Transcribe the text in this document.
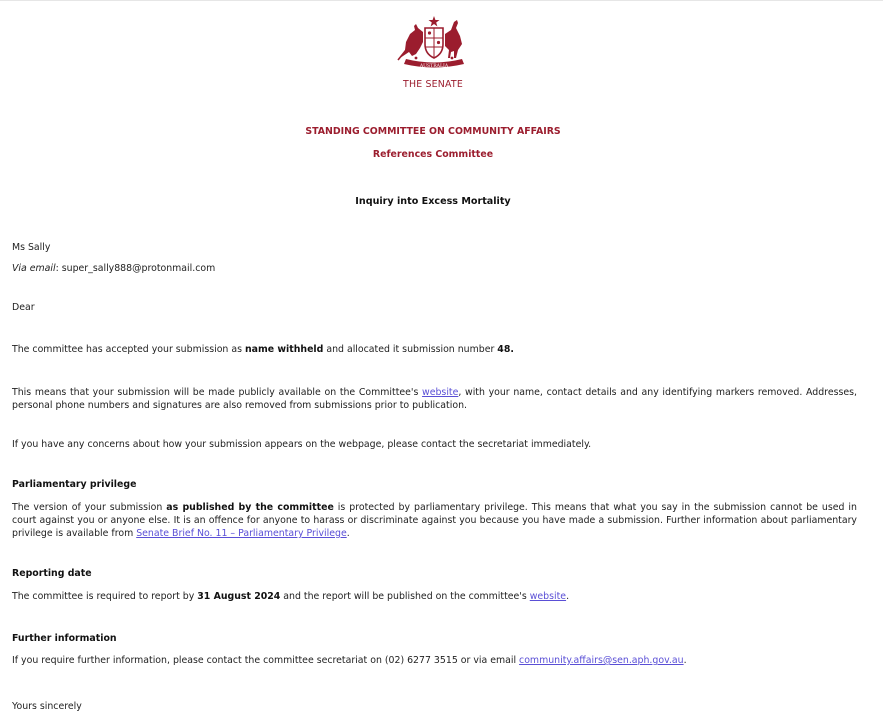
AUSTRALIA
THE SENATE
STANDING COMMITTEE ON COMMUNITY AFFAIRS
References Committee
Inquiry into Excess Mortality

Ms Sally

Via email: super_sally888@protonmail.com

Dear

The committee has accepted your submission as name withheld and allocated it submission number 48.

This means that your submission will be made publicly available on the Committee's website, with your name, contact details and any identifying markers removed. Addresses, personal phone numbers and signatures are also removed from submissions prior to publication.

If you have any concerns about how your submission appears on the webpage, please contact the secretariat immediately.

Parliamentary privilege

The version of your submission as published by the committee is protected by parliamentary privilege. This means that what you say in the submission cannot be used in court against you or anyone else. It is an offence for anyone to harass or discriminate against you because you have made a submission. Further information about parliamentary privilege is available from Senate Brief No. 11 – Parliamentary Privilege.

Reporting date

The committee is required to report by 31 August 2024 and the report will be published on the committee's website.

Further information

If you require further information, please contact the committee secretariat on (02) 6277 3515 or via email community.affairs@sen.aph.gov.au.

Yours sincerely
